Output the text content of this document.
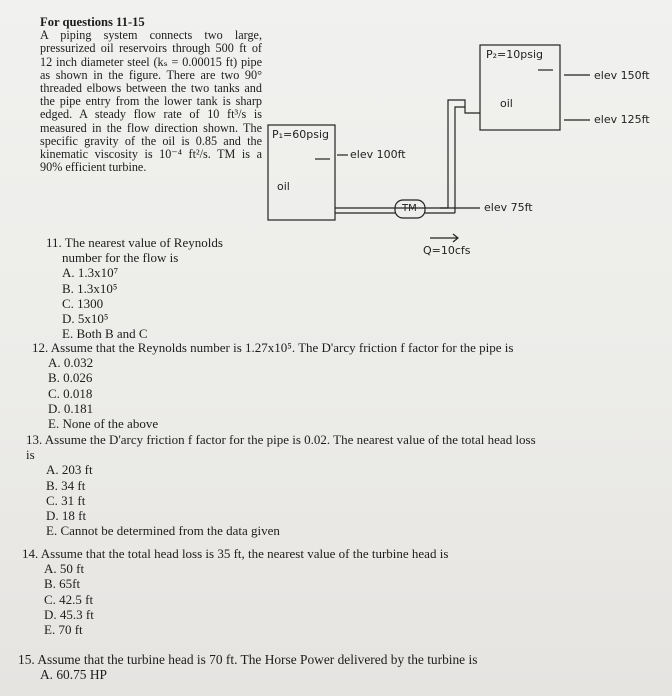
For questions 11-15
A piping system connects two large, pressurized oil reservoirs through 500 ft of 12 inch diameter steel (kₛ = 0.00015 ft) pipe as shown in the figure. There are two 90° threaded elbows between the two tanks and the pipe entry from the lower tank is sharp edged. A steady flow rate of 10 ft³/s is measured in the flow direction shown. The specific gravity of the oil is 0.85 and the kinematic viscosity is 10⁻⁴ ft²/s. TM is a 90% efficient turbine.
P₁=60psig
oil
elev 100ft
P₂=10psig
oil
elev 150ft
elev 125ft
TM	elev 75ft
Q=10cfs
11. The nearest value of Reynolds
number for the flow is
A. 1.3x10⁷
B. 1.3x10⁵
C. 1300
D. 5x10⁵
E. Both B and C
12. Assume that the Reynolds number is 1.27x10⁵. The D'arcy friction f factor for the pipe is
A. 0.032
B. 0.026
C. 0.018
D. 0.181
E. None of the above
13. Assume the D'arcy friction f factor for the pipe is 0.02. The nearest value of the total head loss
is
A. 203 ft
B. 34 ft
C. 31 ft
D. 18 ft
E. Cannot be determined from the data given
14. Assume that the total head loss is 35 ft, the nearest value of the turbine head is
A. 50 ft
B. 65ft
C. 42.5 ft
D. 45.3 ft
E. 70 ft
15. Assume that the turbine head is 70 ft. The Horse Power delivered by the turbine is
A. 60.75 HP
